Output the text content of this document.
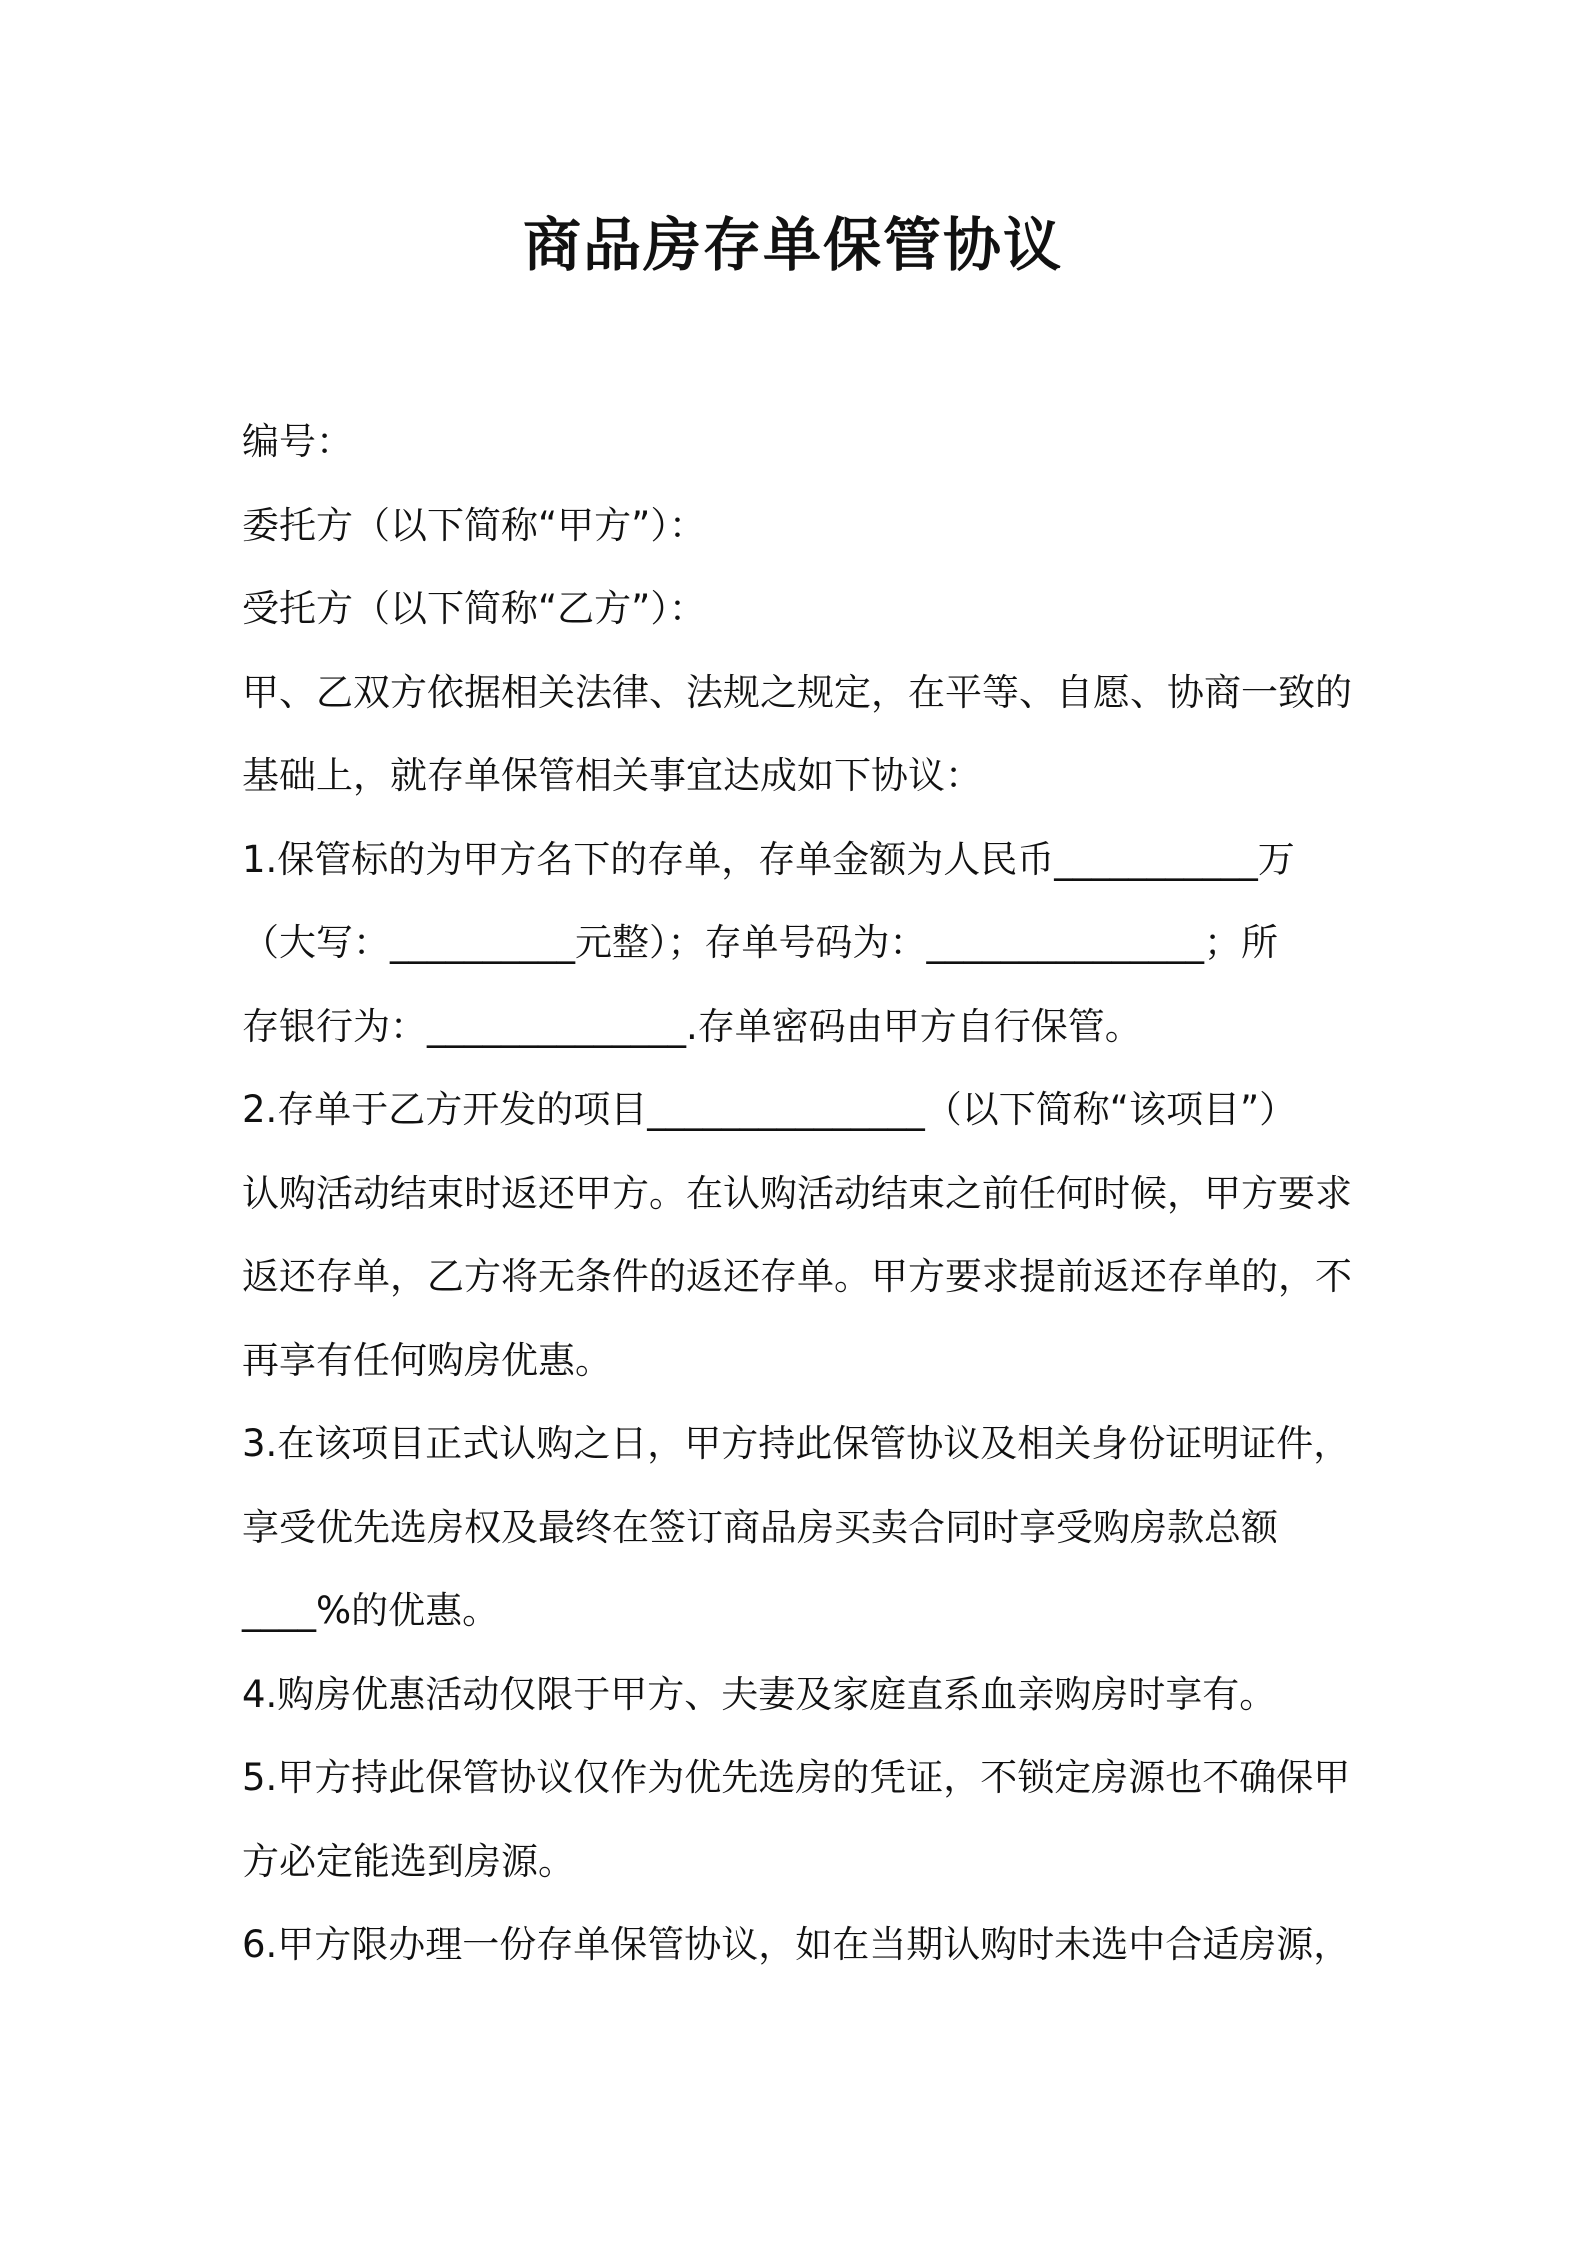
商品房存单保管协议
编号：
委托方（以下简称“甲方”）：
受托方（以下简称“乙方”）：
甲、乙双方依据相关法律、法规之规定，在平等、自愿、协商一致的
基础上，就存单保管相关事宜达成如下协议：
1.保管标的为甲方名下的存单，存单金额为人民币___________万
（大写：__________元整）；存单号码为：_______________；所
存银行为：______________.存单密码由甲方自行保管。
2.存单于乙方开发的项目_______________（以下简称“该项目”）
认购活动结束时返还甲方。在认购活动结束之前任何时候，甲方要求
返还存单，乙方将无条件的返还存单。甲方要求提前返还存单的，不
再享有任何购房优惠。
3.在该项目正式认购之日，甲方持此保管协议及相关身份证明证件，
享受优先选房权及最终在签订商品房买卖合同时享受购房款总额
____%的优惠。
4.购房优惠活动仅限于甲方、夫妻及家庭直系血亲购房时享有。
5.甲方持此保管协议仅作为优先选房的凭证，不锁定房源也不确保甲
方必定能选到房源。
6.甲方限办理一份存单保管协议，如在当期认购时未选中合适房源，
